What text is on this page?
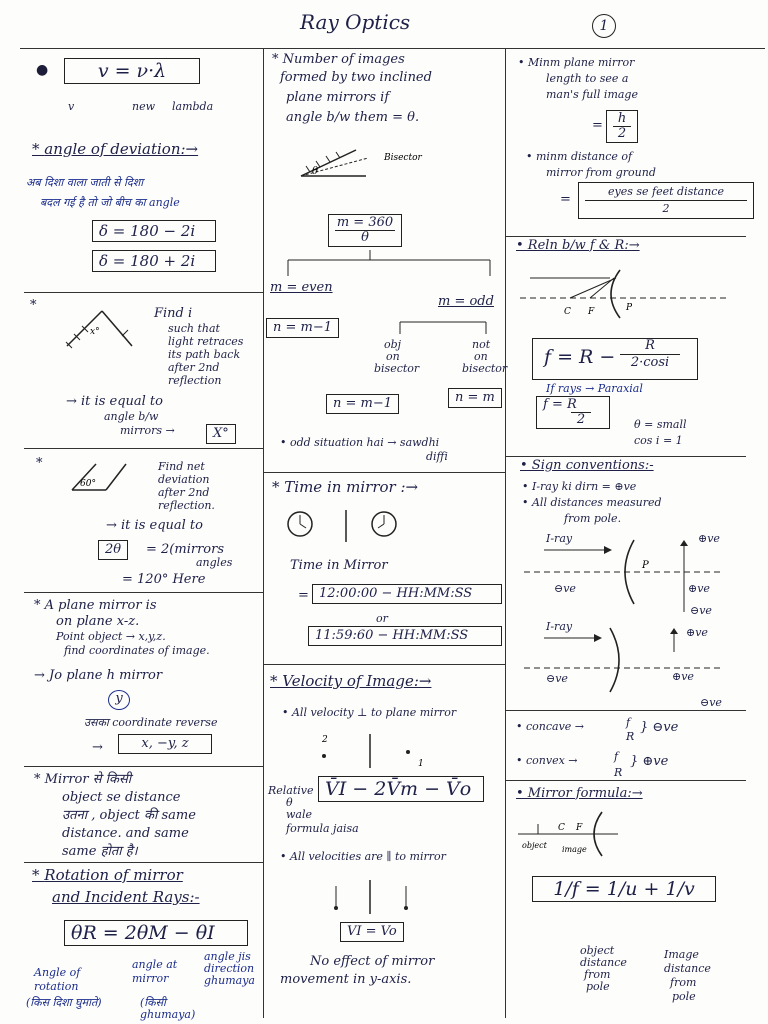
Ray Optics	1
●	v = ν·λ
v	new lambda
* angle of deviation:→
अब दिशा वाला जाती से दिशा
बदल गई है तो जो बीच का angle
δ = 180 − 2i
δ = 180 + 2i
*
x°
Find i
such that
light retraces
its path back
after 2nd
reflection
→ it is equal to
angle b/w
mirrors →	X°
*
60°
Find net
deviation
after 2nd
reflection.
→ it is equal to
2θ	= 2(mirrors
angles
= 120° Here
* A plane mirror is
on plane x-z.
Point object → x,y,z.
find coordinates of image.
→ Jo plane h mirror
y
उसका coordinate reverse
→	x, −y, z
* Mirror से किसी
object se distance
उतना , object की same
distance. and same
same होता है।
* Rotation of mirror
and Incident Rays:-
θR = 2θM − θI
Angle of rotation
angle at mirror
angle jis
direction
ghumaya
(किस दिशा घुमाते)	(किसी
ghumaya)
* Number of images
formed by two inclined
plane mirrors if
angle b/w them = θ.
θ
Bisector
m = 360
θ
m = even
m = odd
n = m−1
obj
on
bisector
not
on
bisector
n = m−1	n = m
• odd situation hai → sawdhi
diffi
* Time in mirror :→
Time in Mirror
= 12:00:00 − HH:MM:SS
or
11:59:60 − HH:MM:SS
* Velocity of Image:→
• All velocity ⊥ to plane mirror
2
1
Relative
θ
wale
formula jaisa
V̄I − 2V̄m − V̄o
• All velocities are ∥ to mirror
VI = Vo
No effect of mirror
movement in y-axis.
• Minm plane mirror
length to see a
man's full image
=	h
2
• minm distance of
mirror from ground
=
eyes se feet distance
2
• Reln b/w f & R:→
C F	P
f = R −
R
2·cosi
If rays → Paraxial
f = R
2	θ = small
cos i = 1
• Sign conventions:-
• I-ray ki dirn = ⊕ve
• All distances measured
from pole.
I-ray
P
⊕ve
⊖ve	⊕ve
⊖ve
I-ray	⊕ve
⊖ve	⊕ve
⊖ve
• concave →	f
R
} ⊖ve
• convex →	f
R
} ⊕ve
• Mirror formula:→
C F
object image
1/f = 1/u + 1/v
object
distance
from
pole
Image
distance
from
pole
